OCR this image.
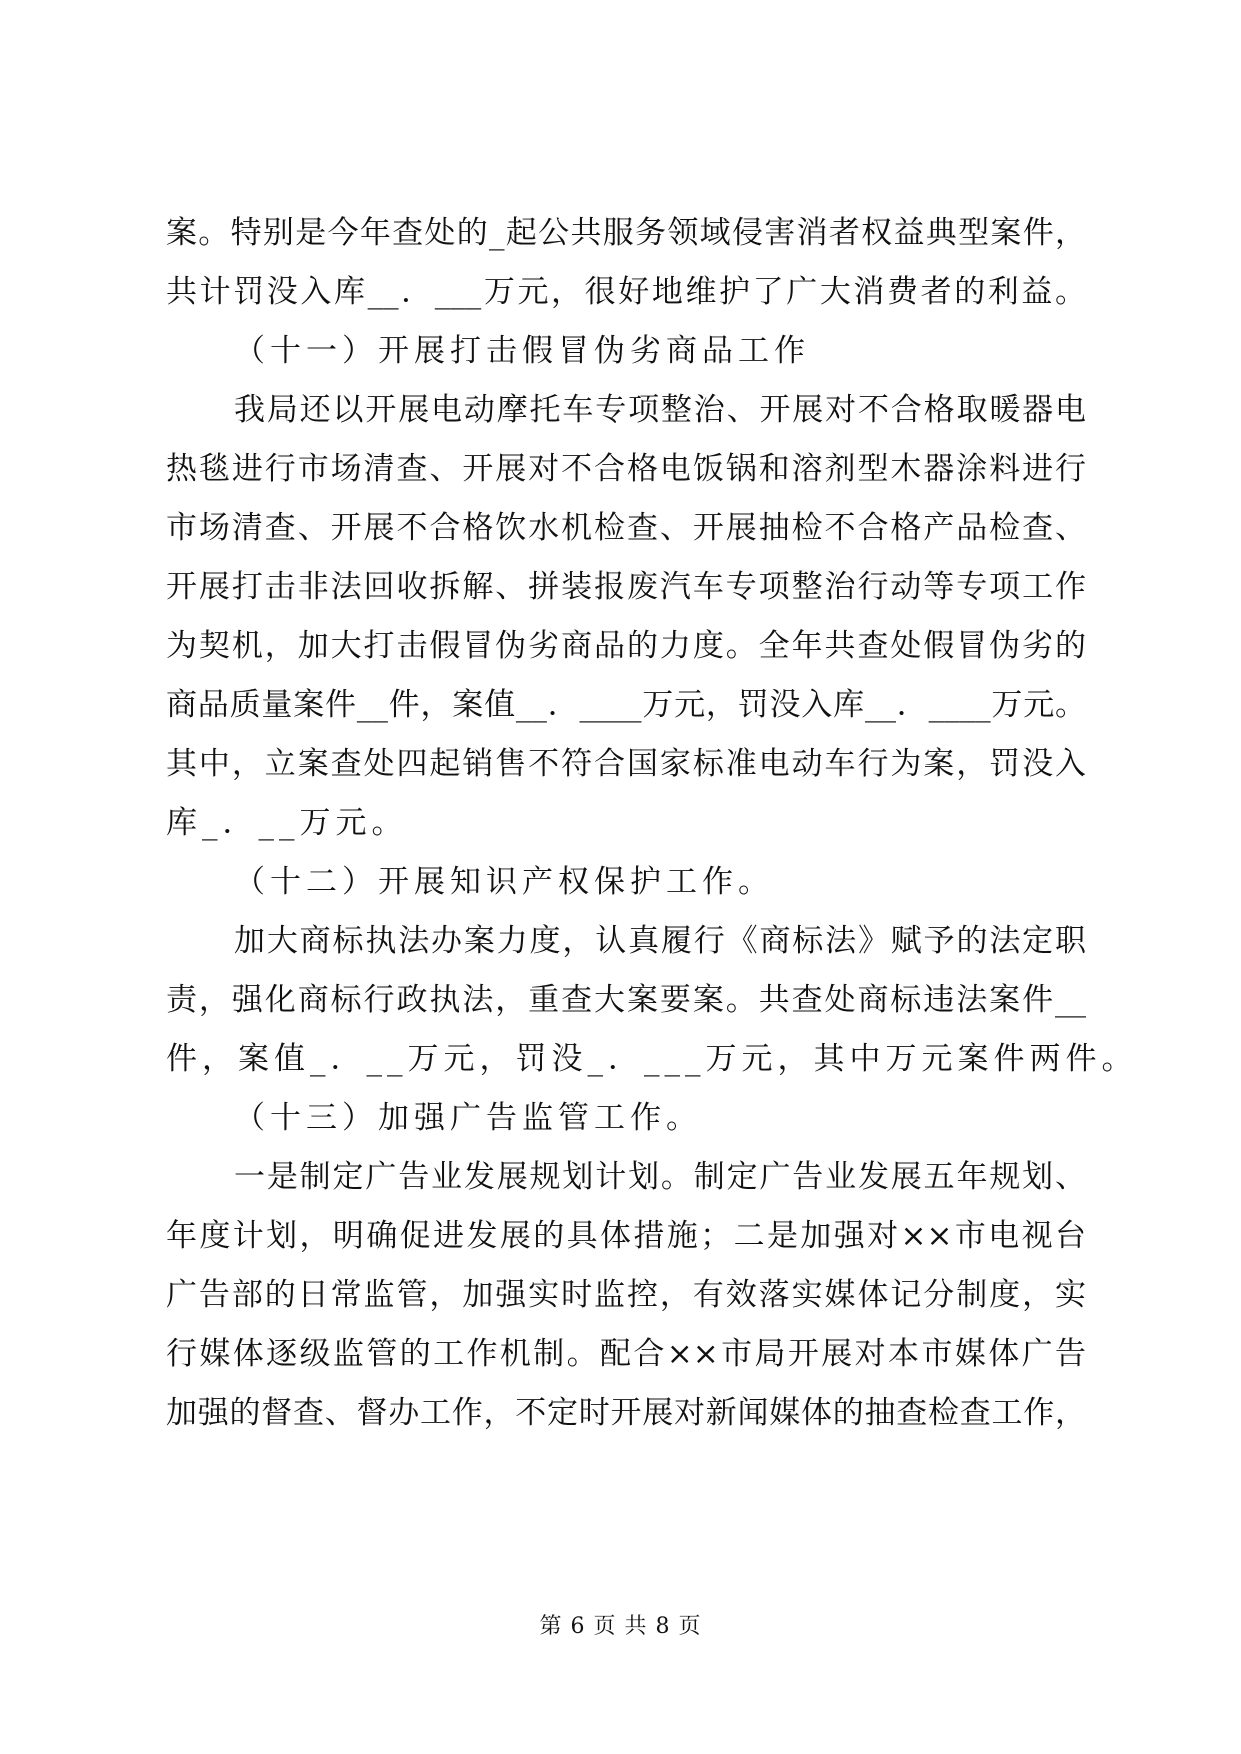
案。特别是今年查处的_起公共服务领域侵害消者权益典型案件，
共计罚没入库__．___万元，很好地维护了广大消费者的利益。
（十一）开展打击假冒伪劣商品工作
我局还以开展电动摩托车专项整治、开展对不合格取暖器电
热毯进行市场清查、开展对不合格电饭锅和溶剂型木器涂料进行
市场清查、开展不合格饮水机检查、开展抽检不合格产品检查、
开展打击非法回收拆解、拼装报废汽车专项整治行动等专项工作
为契机，加大打击假冒伪劣商品的力度。全年共查处假冒伪劣的
商品质量案件__件，案值__．____万元，罚没入库__．____万元。
其中，立案查处四起销售不符合国家标准电动车行为案，罚没入
库_．__万元。
（十二）开展知识产权保护工作。
加大商标执法办案力度，认真履行《商标法》赋予的法定职
责，强化商标行政执法，重查大案要案。共查处商标违法案件__
件，案值_．__万元，罚没_．___万元，其中万元案件两件。
（十三）加强广告监管工作。
一是制定广告业发展规划计划。制定广告业发展五年规划、
年度计划，明确促进发展的具体措施；二是加强对××市电视台
广告部的日常监管，加强实时监控，有效落实媒体记分制度，实
行媒体逐级监管的工作机制。配合××市局开展对本市媒体广告
加强的督查、督办工作，不定时开展对新闻媒体的抽查检查工作，
第 6 页 共 8 页
